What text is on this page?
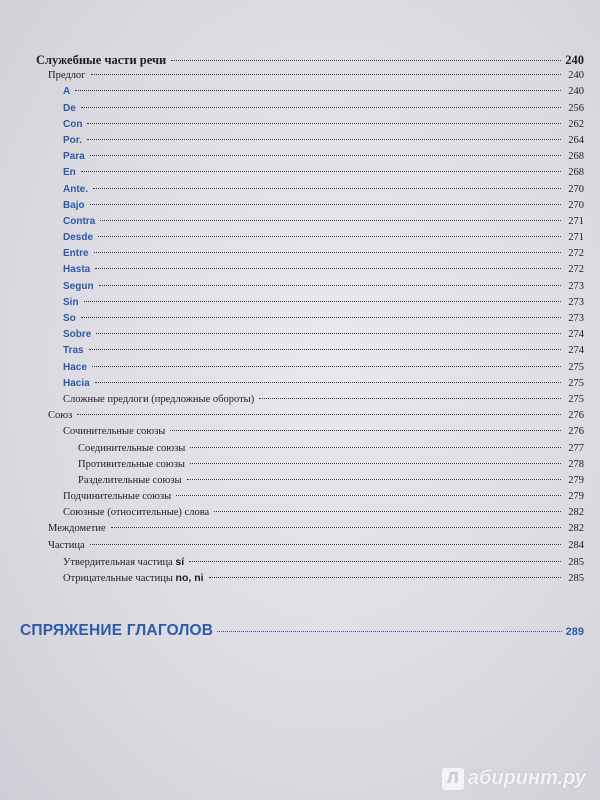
Служебные части речи	240
Предлог	240
A	240
De	256
Con	262
Por.	264
Para	268
En	268
Ante.	270
Bajo	270
Contra	271
Desde	271
Entre	272
Hasta	272
Segun	273
Sin	273
So	273
Sobre	274
Tras	274
Hace	275
Hacia	275
Сложные предлоги (предложные обороты)	275
Союз	276
Сочинительные союзы	276
Соединительные союзы	277
Противительные союзы	278
Разделительные союзы	279
Подчинительные союзы	279
Союзные (относительные) слова	282
Междометие	282
Частица	284
Утвердительная частица sí	285
Отрицательные частицы no, ni	285
СПРЯЖЕНИЕ ГЛАГОЛОВ	289
Л абиринт.ру
